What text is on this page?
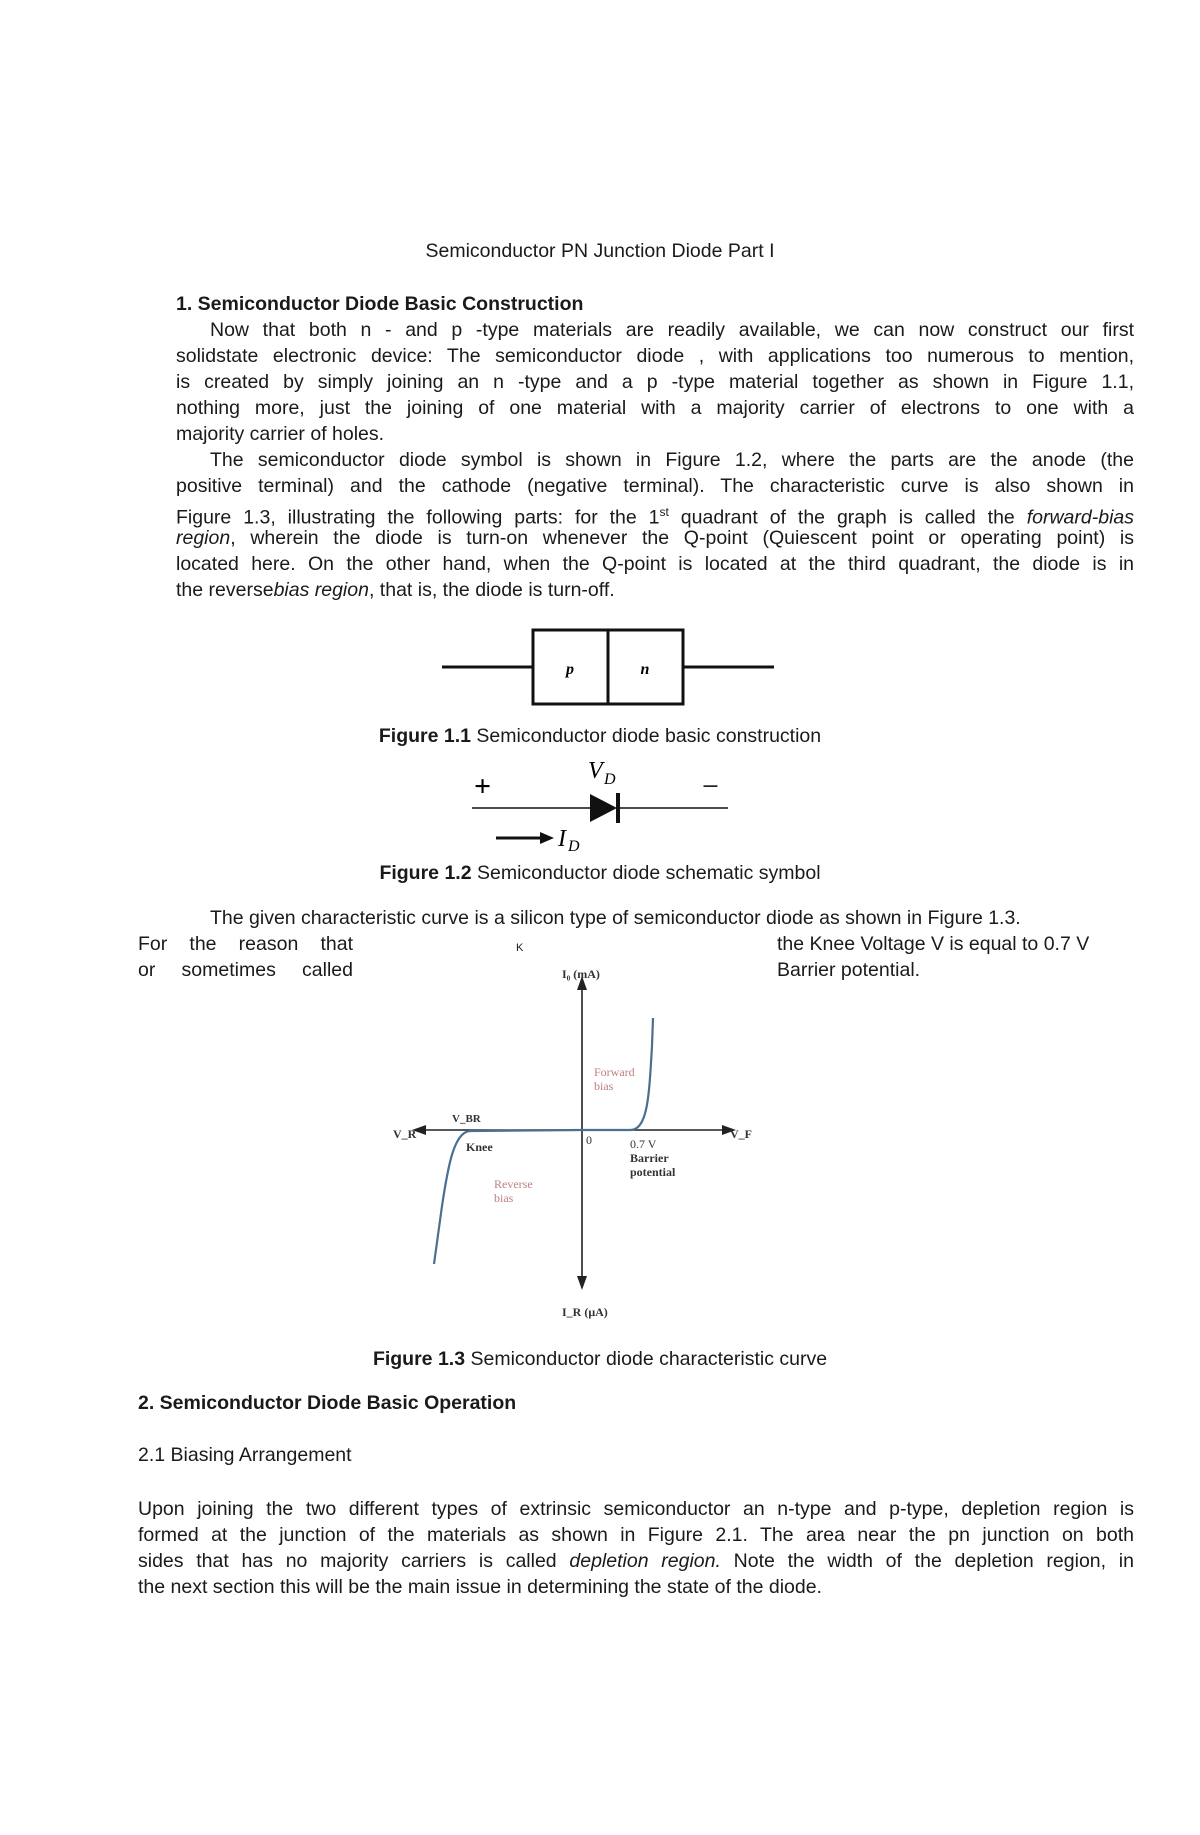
Semiconductor PN Junction Diode Part I
1. Semiconductor Diode Basic Construction
Now that both n - and p -type materials are readily available, we can now construct our first
solidstate electronic device: The semiconductor diode , with applications too numerous to mention,
is created by simply joining an n -type and a p -type material together as shown in Figure 1.1,
nothing more, just the joining of one material with a majority carrier of electrons to one with a
majority carrier of holes.
The semiconductor diode symbol is shown in Figure 1.2, where the parts are the anode (the
positive terminal) and the cathode (negative terminal). The characteristic curve is also shown in
Figure 1.3, illustrating the following parts: for the 1st quadrant of the graph is called the forward-bias
region, wherein the diode is turn-on whenever the Q-point (Quiescent point or operating point) is
located here. On the other hand, when the Q-point is located at the third quadrant, the diode is in
the reversebias region, that is, the diode is turn-off.
p	n
Figure 1.1 Semiconductor diode basic construction
+	−
V D
I D
Figure 1.2 Semiconductor diode schematic symbol
The given characteristic curve is a silicon type of semiconductor diode as shown in Figure 1.3.
For the reason that	K	the Knee Voltage V is equal to 0.7 V
or sometimes called	Barrier potential.
I₀ (mA)
I_R (μA)
V_F
V_R
V_BR
Knee	0
Forward
bias
Reverse
bias
0.7 V
Barrier
potential
Figure 1.3 Semiconductor diode characteristic curve
2. Semiconductor Diode Basic Operation
2.1 Biasing Arrangement
Upon joining the two different types of extrinsic semiconductor an n-type and p-type, depletion region is
formed at the junction of the materials as shown in Figure 2.1. The area near the pn junction on both
sides that has no majority carriers is called depletion region. Note the width of the depletion region, in
the next section this will be the main issue in determining the state of the diode.
